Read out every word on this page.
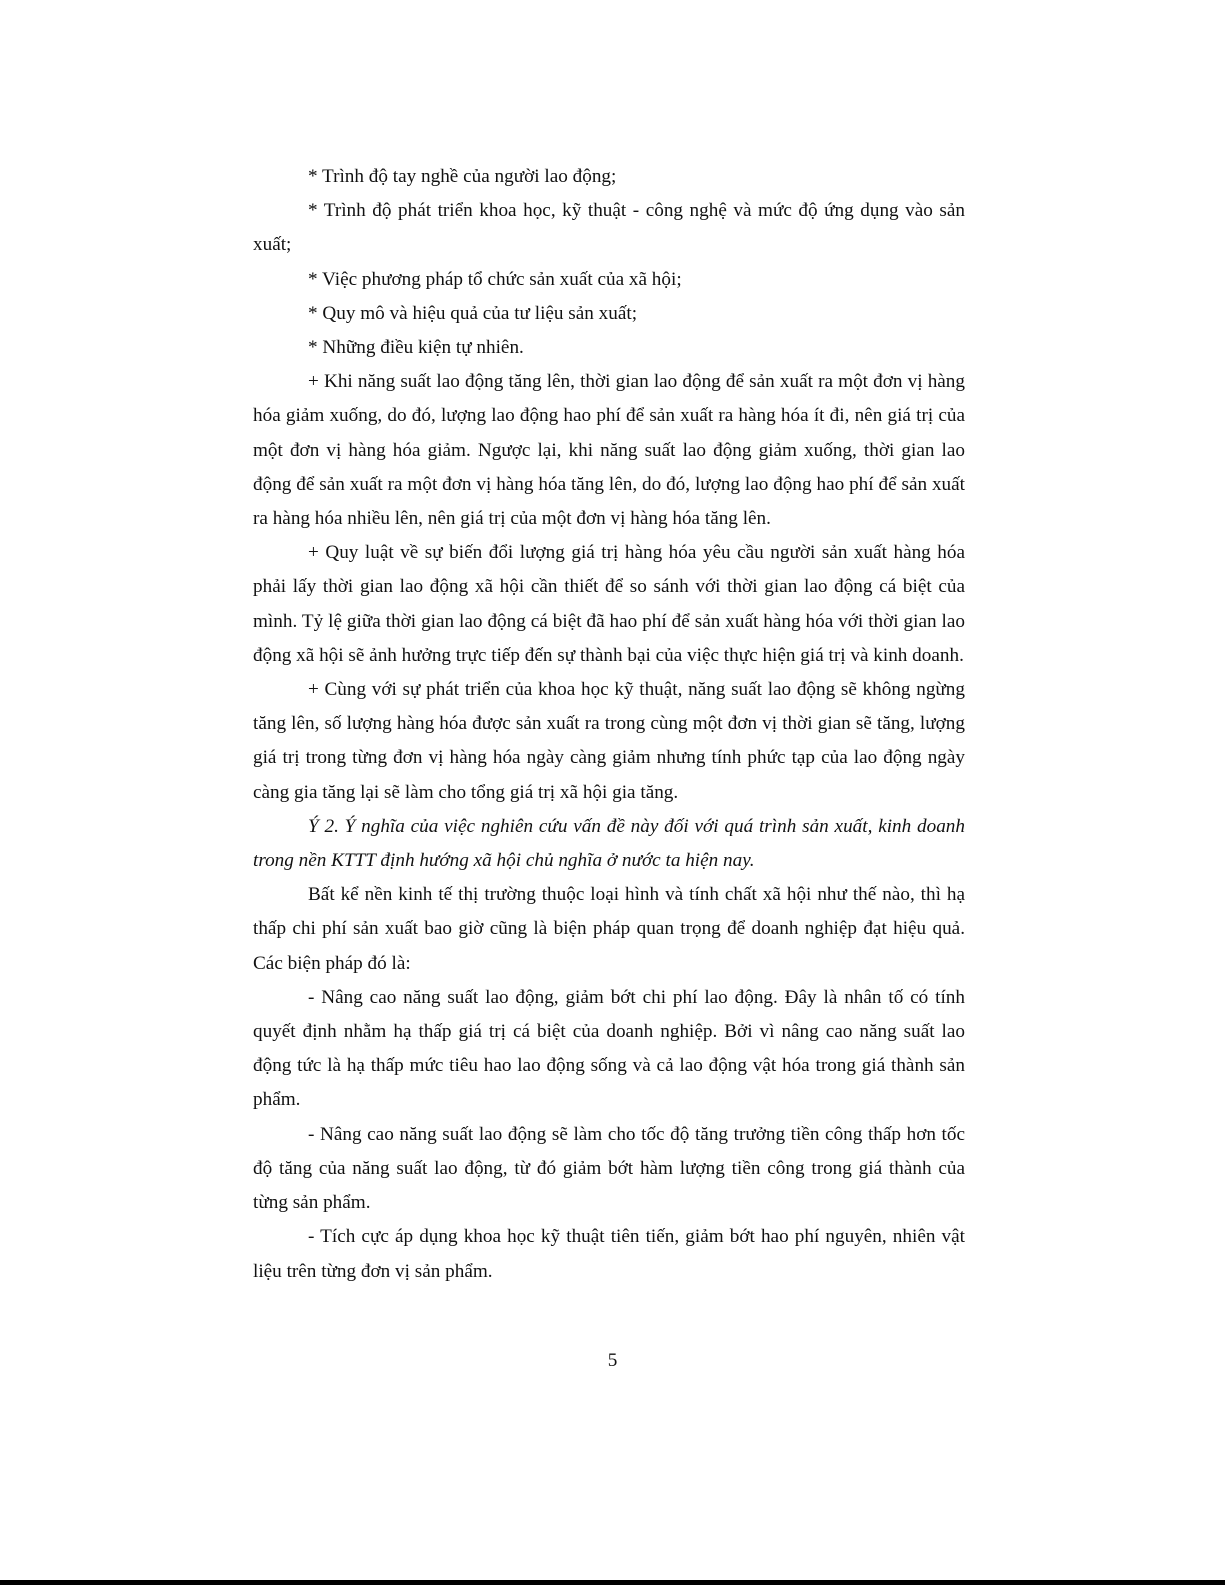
* Trình độ tay nghề của người lao động;

* Trình độ phát triển khoa học, kỹ thuật - công nghệ và mức độ ứng dụng vào sản xuất;

* Việc phương pháp tổ chức sản xuất của xã hội;

* Quy mô và hiệu quả của tư liệu sản xuất;

* Những điều kiện tự nhiên.

+ Khi năng suất lao động tăng lên, thời gian lao động để sản xuất ra một đơn vị hàng hóa giảm xuống, do đó, lượng lao động hao phí để sản xuất ra hàng hóa ít đi, nên giá trị của một đơn vị hàng hóa giảm. Ngược lại, khi năng suất lao động giảm xuống, thời gian lao động để sản xuất ra một đơn vị hàng hóa tăng lên, do đó, lượng lao động hao phí để sản xuất ra hàng hóa nhiều lên, nên giá trị của một đơn vị hàng hóa tăng lên.

+ Quy luật về sự biến đổi lượng giá trị hàng hóa yêu cầu người sản xuất hàng hóa phải lấy thời gian lao động xã hội cần thiết để so sánh với thời gian lao động cá biệt của mình. Tỷ lệ giữa thời gian lao động cá biệt đã hao phí để sản xuất hàng hóa với thời gian lao động xã hội sẽ ảnh hưởng trực tiếp đến sự thành bại của việc thực hiện giá trị và kinh doanh.

+ Cùng với sự phát triển của khoa học kỹ thuật, năng suất lao động sẽ không ngừng tăng lên, số lượng hàng hóa được sản xuất ra trong cùng một đơn vị thời gian sẽ tăng, lượng giá trị trong từng đơn vị hàng hóa ngày càng giảm nhưng tính phức tạp của lao động ngày càng gia tăng lại sẽ làm cho tổng giá trị xã hội gia tăng.

Ý 2. Ý nghĩa của việc nghiên cứu vấn đề này đối với quá trình sản xuất, kinh doanh trong nền KTTT định hướng xã hội chủ nghĩa ở nước ta hiện nay.

Bất kể nền kinh tế thị trường thuộc loại hình và tính chất xã hội như thế nào, thì hạ thấp chi phí sản xuất bao giờ cũng là biện pháp quan trọng để doanh nghiệp đạt hiệu quả. Các biện pháp đó là:

- Nâng cao năng suất lao động, giảm bớt chi phí lao động. Đây là nhân tố có tính quyết định nhằm hạ thấp giá trị cá biệt của doanh nghiệp. Bởi vì nâng cao năng suất lao động tức là hạ thấp mức tiêu hao lao động sống và cả lao động vật hóa trong giá thành sản phẩm.

- Nâng cao năng suất lao động sẽ làm cho tốc độ tăng trưởng tiền công thấp hơn tốc độ tăng của năng suất lao động, từ đó giảm bớt hàm lượng tiền công trong giá thành của từng sản phẩm.

- Tích cực áp dụng khoa học kỹ thuật tiên tiến, giảm bớt hao phí nguyên, nhiên vật liệu trên từng đơn vị sản phẩm.

5
